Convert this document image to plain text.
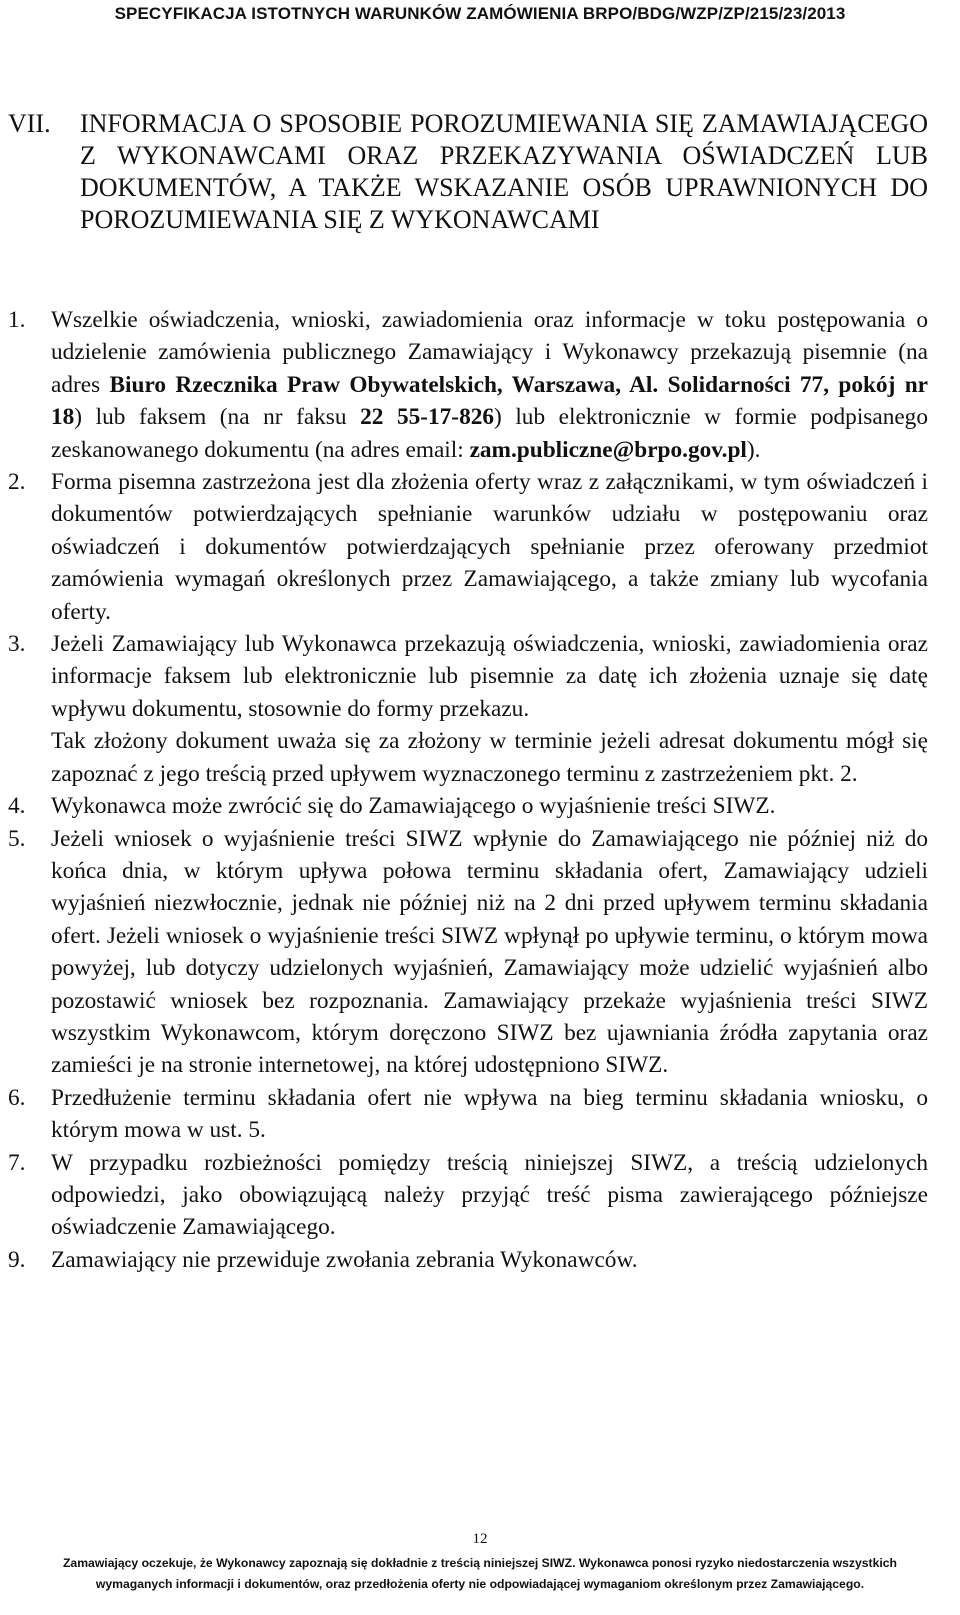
SPECYFIKACJA ISTOTNYCH WARUNKÓW ZAMÓWIENIA BRPO/BDG/WZP/ZP/215/23/2013
VII. INFORMACJA O SPOSOBIE POROZUMIEWANIA SIĘ ZAMAWIAJĄCEGO Z WYKONAWCAMI ORAZ PRZEKAZYWANIA OŚWIADCZEŃ LUB DOKUMENTÓW, A TAKŻE WSKAZANIE OSÓB UPRAWNIONYCH DO POROZUMIEWANIA SIĘ Z WYKONAWCAMI
1. Wszelkie oświadczenia, wnioski, zawiadomienia oraz informacje w toku postępowania o udzielenie zamówienia publicznego Zamawiający i Wykonawcy przekazują pisemnie (na adres Biuro Rzecznika Praw Obywatelskich, Warszawa, Al. Solidarności 77, pokój nr 18) lub faksem (na nr faksu 22 55-17-826) lub elektronicznie w formie podpisanego zeskanowanego dokumentu (na adres email: zam.publiczne@brpo.gov.pl).

2. Forma pisemna zastrzeżona jest dla złożenia oferty wraz z załącznikami, w tym oświadczeń i dokumentów potwierdzających spełnianie warunków udziału w postępowaniu oraz oświadczeń i dokumentów potwierdzających spełnianie przez oferowany przedmiot zamówienia wymagań określonych przez Zamawiającego, a także zmiany lub wycofania oferty.

3. Jeżeli Zamawiający lub Wykonawca przekazują oświadczenia, wnioski, zawiadomienia oraz informacje faksem lub elektronicznie lub pisemnie za datę ich złożenia uznaje się datę wpływu dokumentu, stosownie do formy przekazu.

Tak złożony dokument uważa się za złożony w terminie jeżeli adresat dokumentu mógł się zapoznać z jego treścią przed upływem wyznaczonego terminu z zastrzeżeniem pkt. 2.

4. Wykonawca może zwrócić się do Zamawiającego o wyjaśnienie treści SIWZ.

5. Jeżeli wniosek o wyjaśnienie treści SIWZ wpłynie do Zamawiającego nie później niż do końca dnia, w którym upływa połowa terminu składania ofert, Zamawiający udzieli wyjaśnień niezwłocznie, jednak nie później niż na 2 dni przed upływem terminu składania ofert. Jeżeli wniosek o wyjaśnienie treści SIWZ wpłynął po upływie terminu, o którym mowa powyżej, lub dotyczy udzielonych wyjaśnień, Zamawiający może udzielić wyjaśnień albo pozostawić wniosek bez rozpoznania. Zamawiający przekaże wyjaśnienia treści SIWZ wszystkim Wykonawcom, którym doręczono SIWZ bez ujawniania źródła zapytania oraz zamieści je na stronie internetowej, na której udostępniono SIWZ.

6. Przedłużenie terminu składania ofert nie wpływa na bieg terminu składania wniosku, o którym mowa w ust. 5.

7. W przypadku rozbieżności pomiędzy treścią niniejszej SIWZ, a treścią udzielonych odpowiedzi, jako obowiązującą należy przyjąć treść pisma zawierającego późniejsze oświadczenie Zamawiającego.

9. Zamawiający nie przewiduje zwołania zebrania Wykonawców.

12
Zamawiający oczekuje, że Wykonawcy zapoznają się dokładnie z treścią niniejszej SIWZ. Wykonawca ponosi ryzyko niedostarczenia wszystkich
wymaganych informacji i dokumentów, oraz przedłożenia oferty nie odpowiadającej wymaganiom określonym przez Zamawiającego.
